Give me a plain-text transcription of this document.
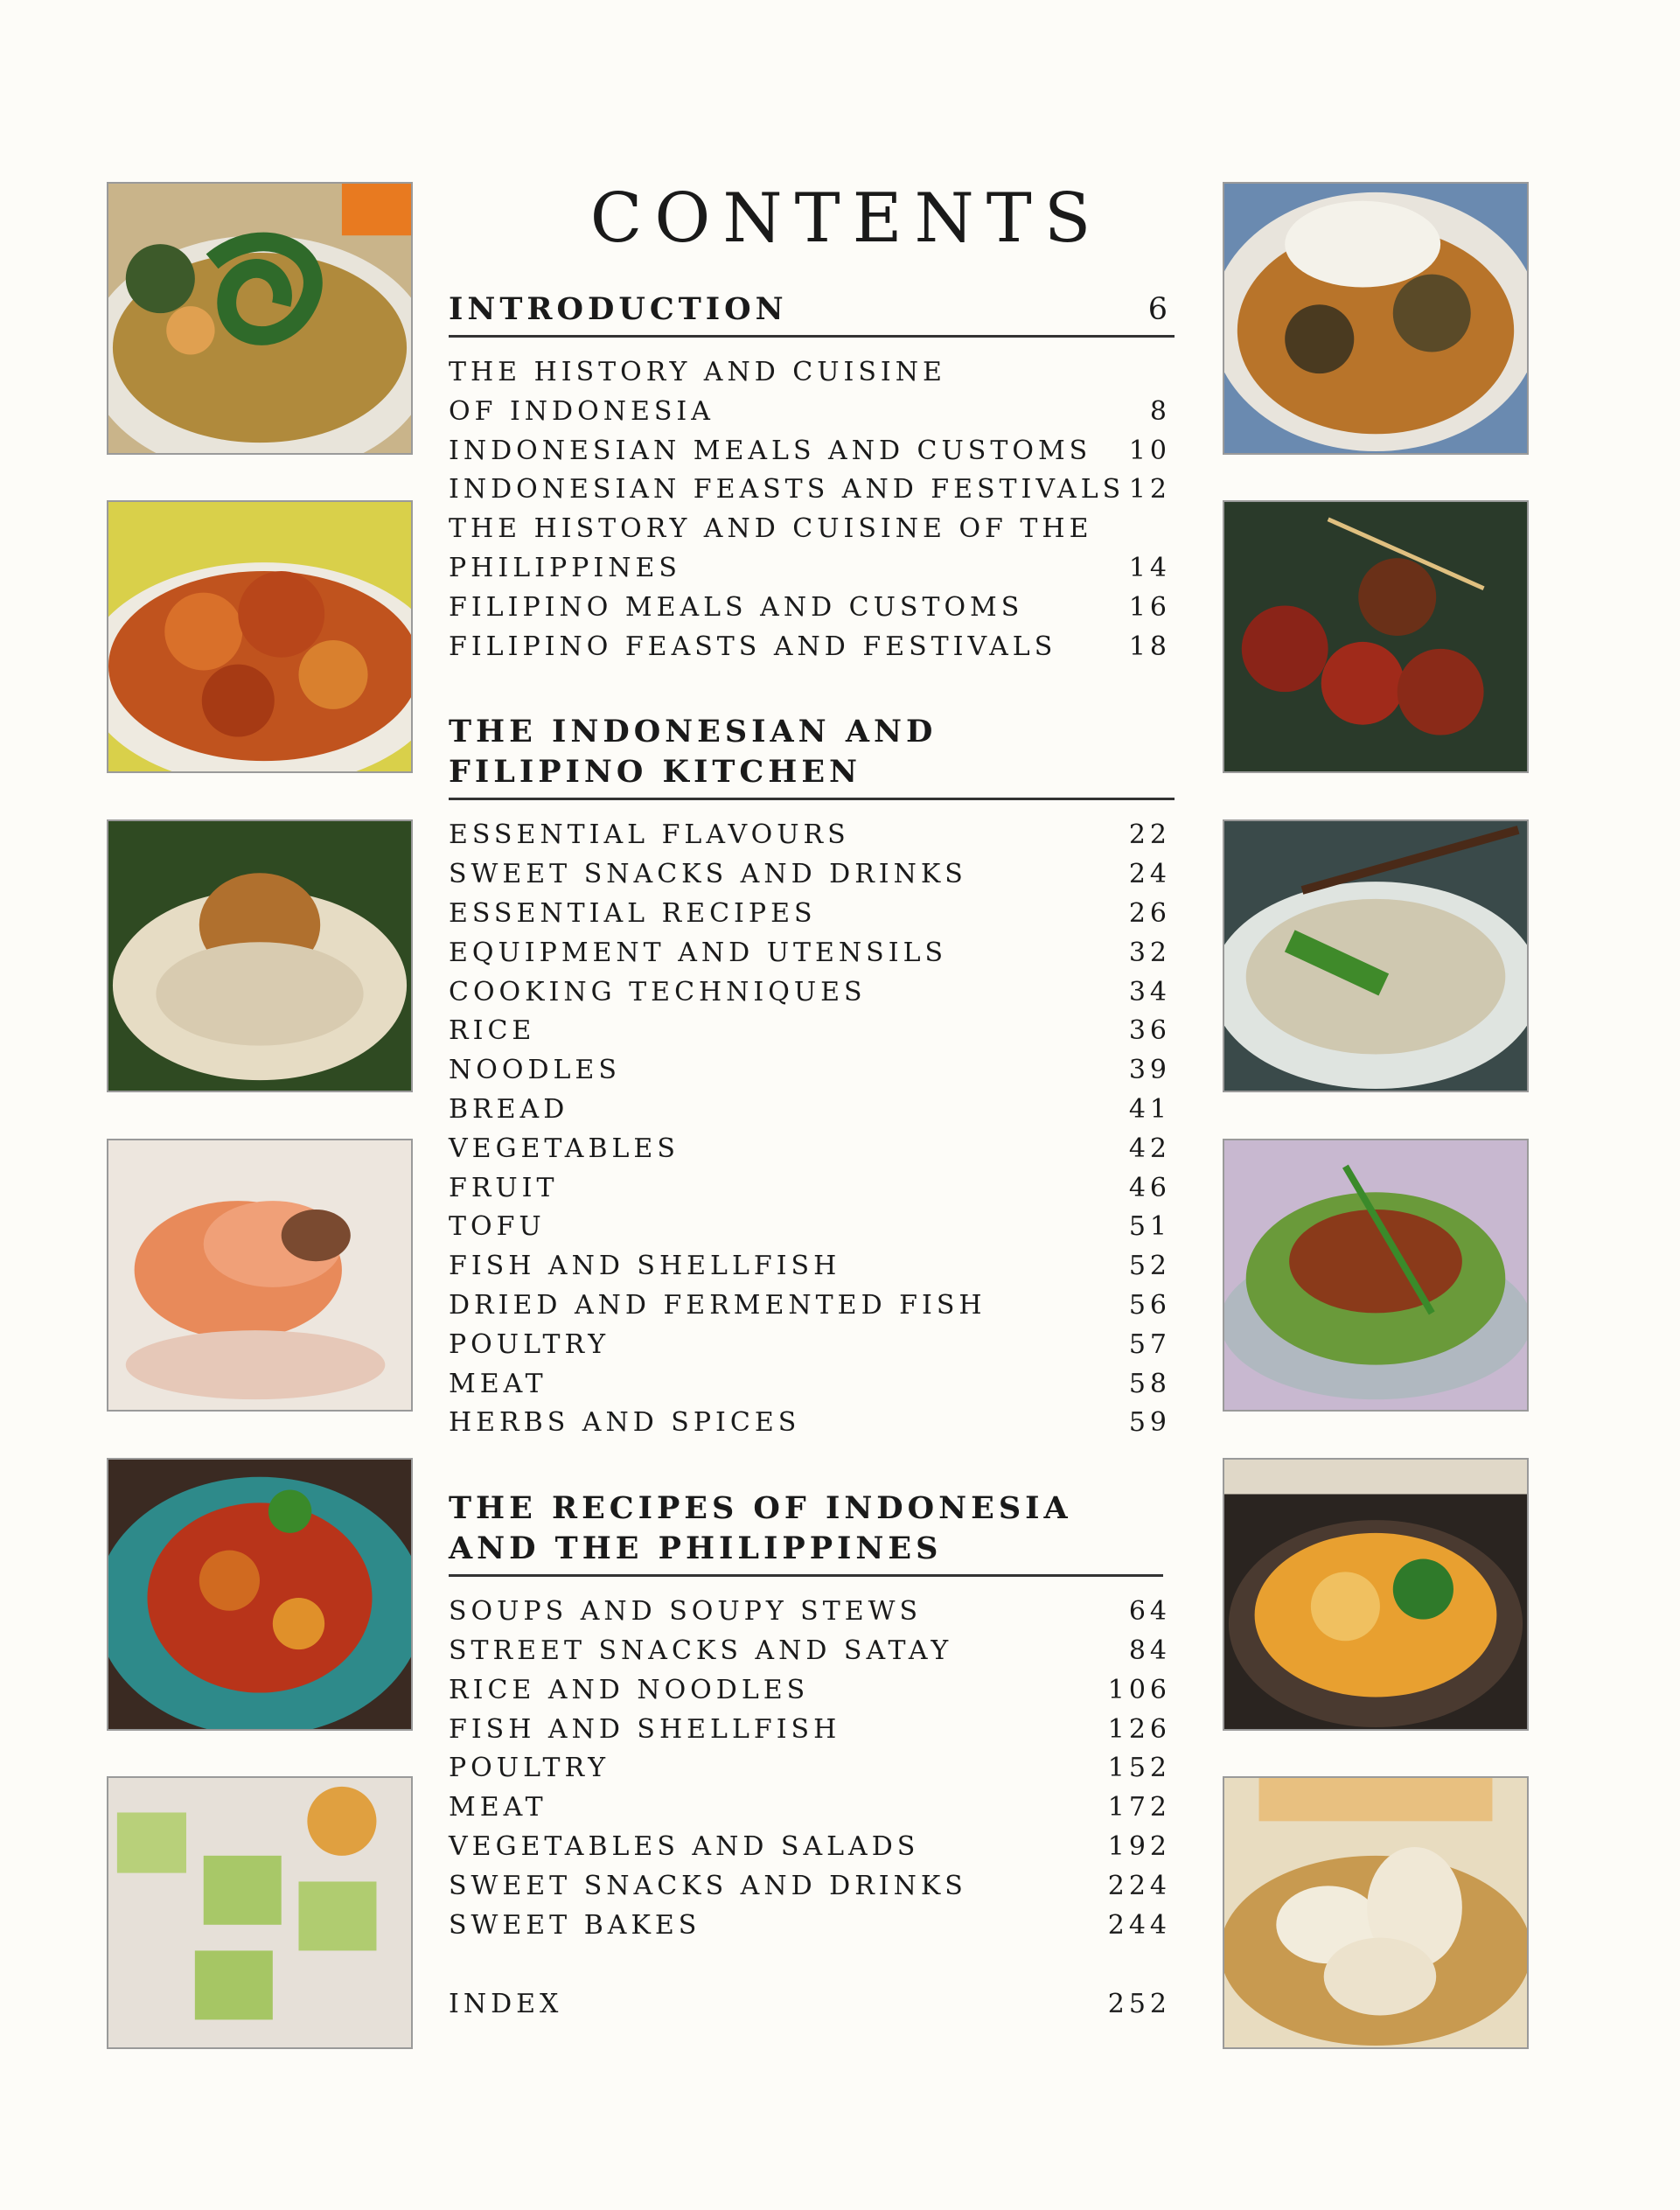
CONTENTS
INTRODUCTION	6
THE HISTORY AND CUISINE
OF INDONESIA	8
INDONESIAN MEALS AND CUSTOMS 10
INDONESIAN FEASTS AND FESTIVALS 12
THE HISTORY AND CUISINE OF THE
PHILIPPINES	14
FILIPINO MEALS AND CUSTOMS	16
FILIPINO FEASTS AND FESTIVALS	18
THE INDONESIAN AND FILIPINO KITCHEN
ESSENTIAL FLAVOURS	22
SWEET SNACKS AND DRINKS	24
ESSENTIAL RECIPES	26
EQUIPMENT AND UTENSILS	32
COOKING TECHNIQUES	34
RICE	36
NOODLES	39
BREAD	41
VEGETABLES	42
FRUIT	46
TOFU	51
FISH AND SHELLFISH	52
DRIED AND FERMENTED FISH	56
POULTRY	57
MEAT	58
HERBS AND SPICES	59
THE RECIPES OF INDONESIA AND THE PHILIPPINES
SOUPS AND SOUPY STEWS	64
STREET SNACKS AND SATAY	84
RICE AND NOODLES	106
FISH AND SHELLFISH	126
POULTRY	152
MEAT	172
VEGETABLES AND SALADS	192
SWEET SNACKS AND DRINKS	224
SWEET BAKES	244
INDEX	252
